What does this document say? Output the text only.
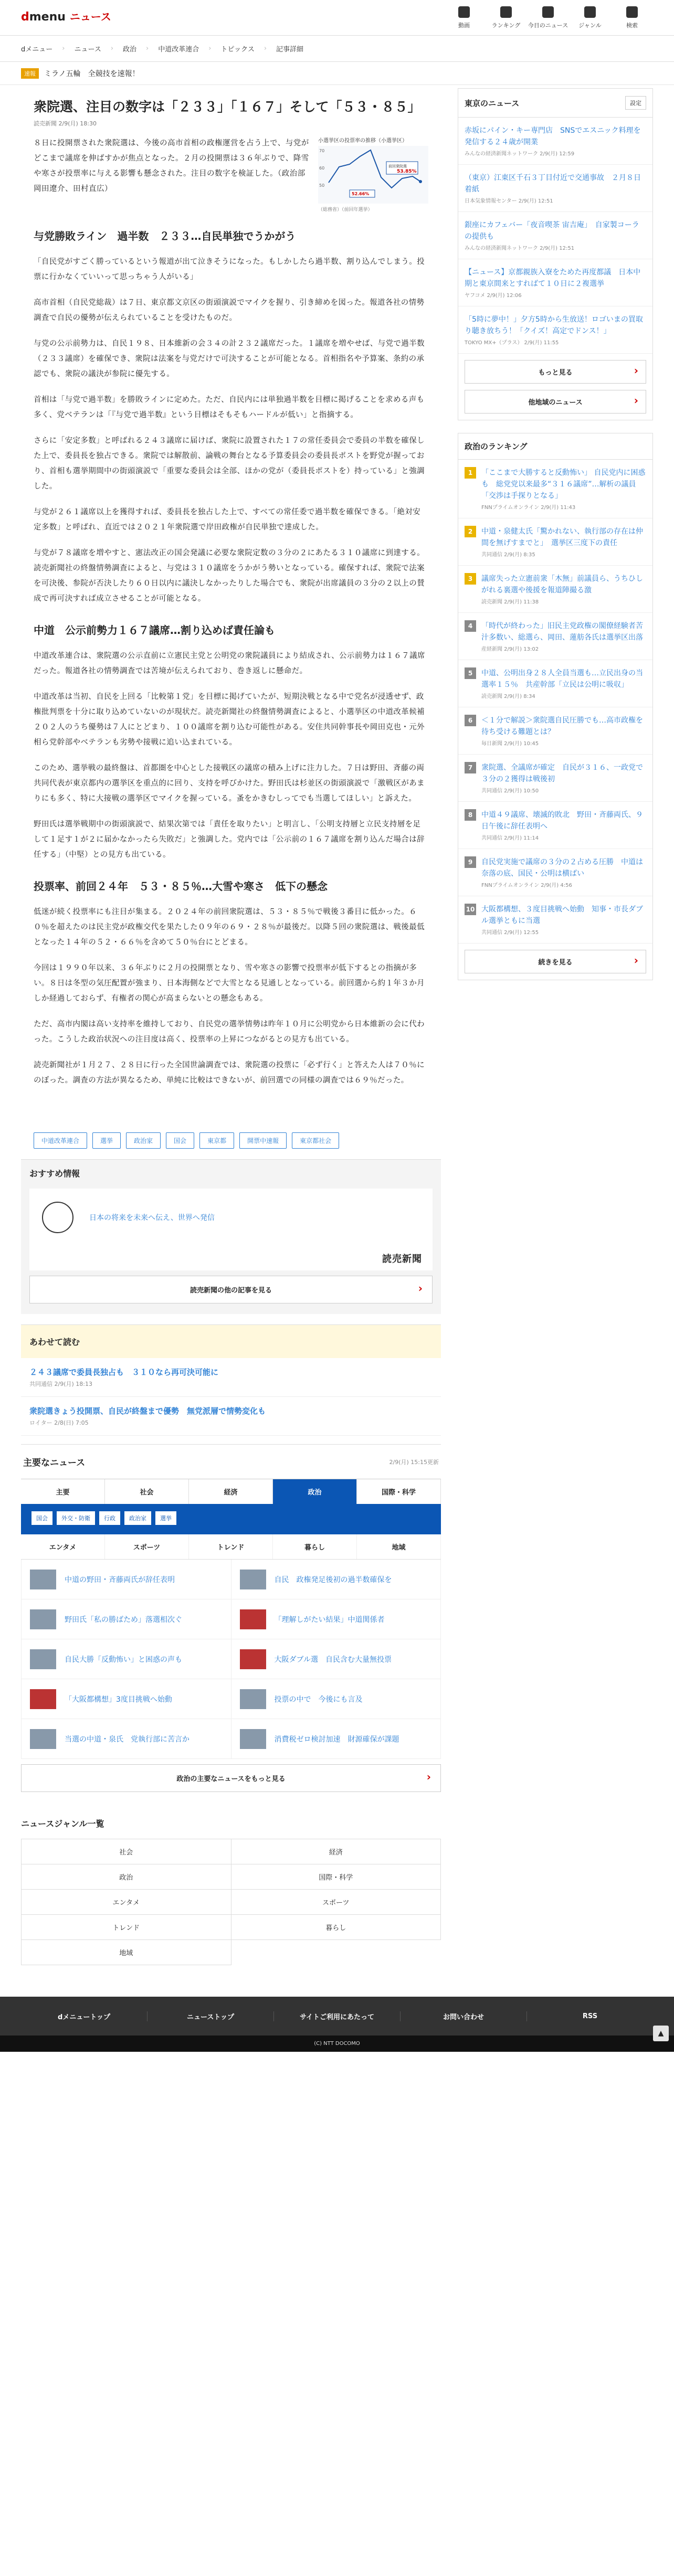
dmenu ニュース
動画	ランキング	今日のニュース	ジャンル	検索
dメニュー › ニュース › 政治 › 中道改革連合 › トピックス › 記事詳細
速報	ミラノ五輪　全競技を速報！
衆院選、注目の数字は「２３３」「１６７」そして「５３・８５」
読売新聞 2/9(月) 18:30

８日に投開票された衆院選は、今後の高市首相の政権運営を占う上で、与党がどこまで議席を伸ばすかが焦点となった。２月の投開票は３６年ぶりで、降雪や寒さが投票率に与える影響も懸念された。注目の数字を検証した。（政治部　岡田遼介、田村直広）

小選挙区の投票率の推移（小選挙区）
70
60
50
前回衆院選
53.85%
52.66%
（総務省）（前回年選挙）
与党勝敗ライン　過半数　２３３…自民単独でうかがう

「自民党がすごく勝っているという報道が出て泣きそうになった。もしかしたら過半数、割り込んでしまう。投票に行かなくていいって思っちゃう人がいる」

高市首相（自民党総裁）は７日、東京都文京区の街頭演説でマイクを握り、引き締めを図った。報道各社の情勢調査で自民の優勢が伝えられていることを受けたものだ。

与党の公示前勢力は、自民１９８、日本維新の会３４の計２３２議席だった。１議席を増やせば、与党で過半数（２３３議席）を確保でき、衆院は法案を与党だけで可決することが可能となる。首相指名や予算案、条約の承認でも、衆院の議決が参院に優先する。

首相は「与党で過半数」を勝敗ラインに定めた。ただ、自民内には単独過半数を目標に掲げることを求める声も多く、党ベテランは「『与党で過半数』という目標はそもそもハードルが低い」と指摘する。

さらに「安定多数」と呼ばれる２４３議席に届けば、衆院に設置された１７の常任委員会で委員の半数を確保した上で、委員長を独占できる。衆院では解散前、論戦の舞台となる予算委員会の委員長ポストを野党が握っており、首相も選挙期間中の街頭演説で「重要な委員会は全部、ほかの党が（委員長ポストを）持っている」と強調した。

与党が２６１議席以上を獲得すれば、委員長を独占した上で、すべての常任委で過半数を確保できる。「絶対安定多数」と呼ばれ、直近では２０２１年衆院選で岸田政権が自民単独で達成した。

与党が７８議席を増やすと、憲法改正の国会発議に必要な衆院定数の３分の２にあたる３１０議席に到達する。読売新聞社の終盤情勢調査によると、与党は３１０議席をうかがう勢いとなっている。確保すれば、衆院で法案を可決後、参院が否決したり６０日以内に議決しなかったりした場合でも、衆院が出席議員の３分の２以上の賛成で再可決すれば成立させることが可能となる。

中道　公示前勢力１６７議席…割り込めば責任論も

中道改革連合は、衆院選の公示直前に立憲民主党と公明党の衆院議員により結成され、公示前勢力は１６７議席だった。報道各社の情勢調査では苦境が伝えられており、巻き返しに懸命だ。

中道改革は当初、自民を上回る「比較第１党」を目標に掲げていたが、短期決戦となる中で党名が浸透せず、政権批判票を十分に取り込めていないのが現状だ。読売新聞社の終盤情勢調査によると、小選挙区の中道改革候補２０２人のうち優勢は７人にとどまり、１００議席を割り込む可能性がある。安住共同幹事長や岡田克也・元外相ら党幹部やベテランも劣勢や接戦に追い込まれている。

このため、選挙戦の最終盤は、首都圏を中心とした接戦区の議席の積み上げに注力した。７日は野田、斉藤の両共同代表が東京都内の選挙区を重点的に回り、支持を呼びかけた。野田氏は杉並区の街頭演説で「激戦区があまりにも多く、特に大接戦の選挙区でマイクを握っている。蚤をかきむしってでも当選してほしい」と訴えた。

野田氏は選挙戦期中の街頭演説で、結果次第では「責任を取りたい」と明言し、「公明支持層と立民支持層を足して１足す１が２に届かなかったら失敗だ」と強調した。党内では「公示前の１６７議席を割り込んだ場合は辞任する」（中堅）との見方も出ている。

投票率、前回２４年　５３・８５％…大雪や寒さ　低下の懸念

低迷が続く投票率にも注目が集まる。２０２４年の前回衆院選は、５３・８５％で戦後３番目に低かった。６０％を超えたのは民主党が政権交代を果たした０９年の６９・２８％が最後だ。以降５回の衆院選は、戦後最低となった１４年の５２・６６％を含めて５０％台にとどまる。

今回は１９９０年以来、３６年ぶりに２月の投開票となり、雪や寒さの影響で投票率が低下するとの指摘が多い。８日は冬型の気圧配置が強まり、日本海側などで大雪となる見通しとなっている。前回選から約１年３か月しか経過しておらず、有権者の関心が高まらないとの懸念もある。

ただ、高市内閣は高い支持率を維持しており、自民党の選挙情勢は昨年１０月に公明党から日本維新の会に代わった。こうした政治状況への注目度は高く、投票率の上昇につながるとの見方も出ている。

読売新聞社が１月２７、２８日に行った全国世論調査では、衆院選の投票に「必ず行く」と答えた人は７０％にのぼった。調査の方法が異なるため、単純に比較はできないが、前回選での同様の調査では６９％だった。

中道改革連合	選挙	政治家	国会	東京都	開票中速報	東京都社会
おすすめ情報
日本の将来を未来へ伝え、世界へ発信
読売新聞
読売新聞の他の記事を見る ›
あわせて読む
２４３議席で委員長独占も　３１０なら再可決可能に
共同通信 2/9(月) 18:13
衆院選きょう投開票、自民が終盤まで優勢　無党派層で情勢変化も
ロイター 2/8(日) 7:05
主要なニュース	2/9(月) 15:15更新
主要	社会	経済	政治	国際・科学
国会	外交・防衛	行政	政治家	選挙
エンタメ	スポーツ	トレンド	暮らし	地域
中道の野田・斉藤両氏が辞任表明	自民　政権発足後初の過半数確保を
野田氏「私の勝ばため」落選相次ぐ	「理解しがたい結果」中道関係者
自民大勝「反動怖い」と困惑の声も	大阪ダブル選　自民含む大量無投票
「大阪都構想」3度目挑戦へ始動	投票の中で　今後にも言及
当選の中道・泉氏　党執行部に苦言か	消費税ゼロ検討加速　財源確保が課題
政治の主要なニュースをもっと見る ›
ニュースジャンル一覧
社会	経済
政治	国際・科学
エンタメ	スポーツ
トレンド	暮らし
地域
東京のニュース	設定
赤坂にパイン・キー専門店　SNSでエスニック料理を発信する２４歳が開業
みんなの経済新聞ネットワーク 2/9(月) 12:59
（東京）江東区千石３丁目付近で交通事故　２月８日着紙
日本気象情報センター 2/9(月) 12:51
銀座にカフェバー「夜音喫茶 宙吉庵」　自家製コーラの提供も
みんなの経済新聞ネットワーク 2/9(月) 12:51
【ニュース】京都親族入寮をためた再度都議　日本中期と東京間来とすればて１０日に２複選挙
ヤフコメ 2/9(月) 12:06
「5時に夢中！」夕方5時から生放送！ロゴいまの買取り聴き放ちう！「クイズ！高定でドンス！」
TOKYO MX+（プラス） 2/9(月) 11:55
もっと見る ›
他地域のニュース ›
政治のランキング
1	「ここまで大勝すると反動怖い」 自民党内に困惑も　総党党以来最多“３１６議席”…解析の議員「交渉は手探りとなる」
FNNプライムオンライン 2/9(月) 11:43
2	中道・泉健太氏「驚かれない、執行部の存在は仲間を無げすまでと」　選挙区三度下の責任
共同通信 2/9(月) 8:35
3	議席失った立憲前衆「木無」前議員ら、うちひしがれる裏選や後援を報道陣撮る激
読売新聞 2/9(月) 11:38
4	「時代が終わった」旧民主党政権の閣僚経験者苦汁多数い、総選ら、岡田、蓮舫各氏は選挙区出落
産経新聞 2/9(月) 13:02
5	中道、公明出身２８人全員当選も…立民出身の当選率１５％　共産幹部「立民は公明に吸収」
読売新聞 2/9(月) 8:34
6	＜１分で解説＞衆院選自民圧勝でも…高市政権を待ち受ける難題とは？
毎日新聞 2/9(月) 10:45
7	衆院選、全議席が確定　自民が３１６、一政党で３分の２獲得は戦後初
共同通信 2/9(月) 10:50
8	中道４９議席、壊滅的敗北　野田・斉藤両氏、９日午後に辞任表明へ
共同通信 2/9(月) 11:14
9	自民党実施で議席の３分の２占める圧勝　中道は奈落の底、国民・公明は横ばい
FNNプライムオンライン 2/9(月) 4:56
10 大阪都構想、３度目挑戦へ始動　知事・市長ダブル選挙ともに当選
共同通信 2/9(月) 12:55
続きを見る ›
▲
dメニュートップ	ニューストップ	サイトご利用にあたって	お問い合わせ	RSS
(C) NTT DOCOMO
